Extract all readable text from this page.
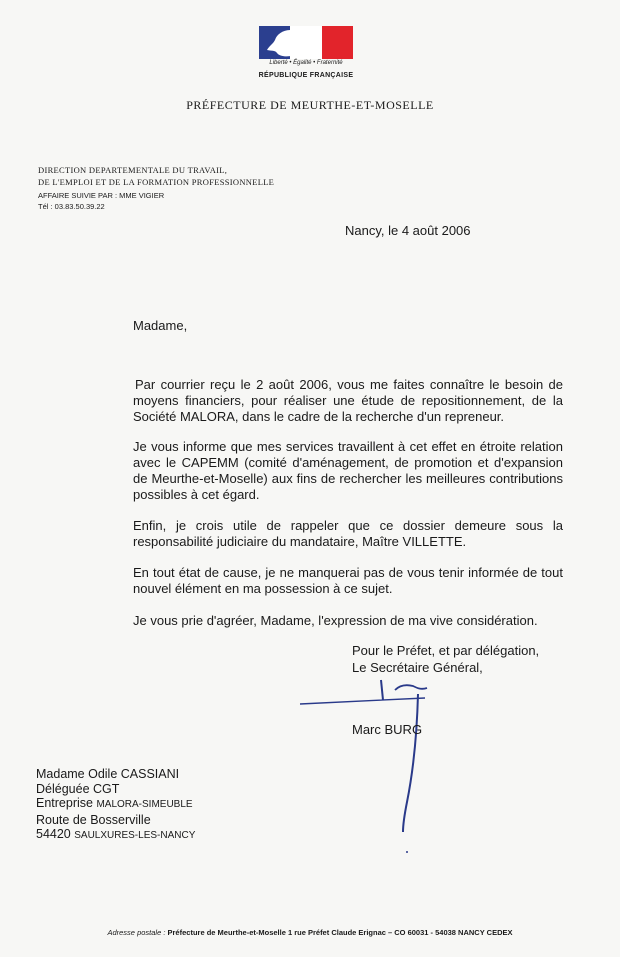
Liberté • Égalité • Fraternité
RÉPUBLIQUE FRANÇAISE
PRÉFECTURE DE MEURTHE-ET-MOSELLE
DIRECTION DEPARTEMENTALE DU TRAVAIL,
DE L'EMPLOI ET DE LA FORMATION PROFESSIONNELLE
AFFAIRE SUIVIE PAR : MME VIGIER
Tél : 03.83.50.39.22
Nancy, le 4 août 2006
Madame,
Par courrier reçu le 2 août 2006, vous me faites connaître le besoin de moyens financiers, pour réaliser une étude de repositionnement, de la Société MALORA, dans le cadre de la recherche d'un repreneur.
Je vous informe que mes services travaillent à cet effet en étroite relation avec le CAPEMM (comité d'aménagement, de promotion et d'expansion de Meurthe-et-Moselle) aux fins de rechercher les meilleures contributions possibles à cet égard.
Enfin, je crois utile de rappeler que ce dossier demeure sous la responsabilité judiciaire du mandataire, Maître VILLETTE.
En tout état de cause, je ne manquerai pas de vous tenir informée de tout nouvel élément en ma possession à ce sujet.
Je vous prie d'agréer, Madame, l'expression de ma vive considération.
Pour le Préfet, et par délégation,
Le Secrétaire Général,
Marc BURG
Madame Odile CASSIANI
Déléguée CGT
Entreprise MALORA-SIMEUBLE
Route de Bosserville
54420 SAULXURES-LES-NANCY
Adresse postale : Préfecture de Meurthe-et-Moselle 1 rue Préfet Claude Erignac – CO 60031 - 54038 NANCY CEDEX
